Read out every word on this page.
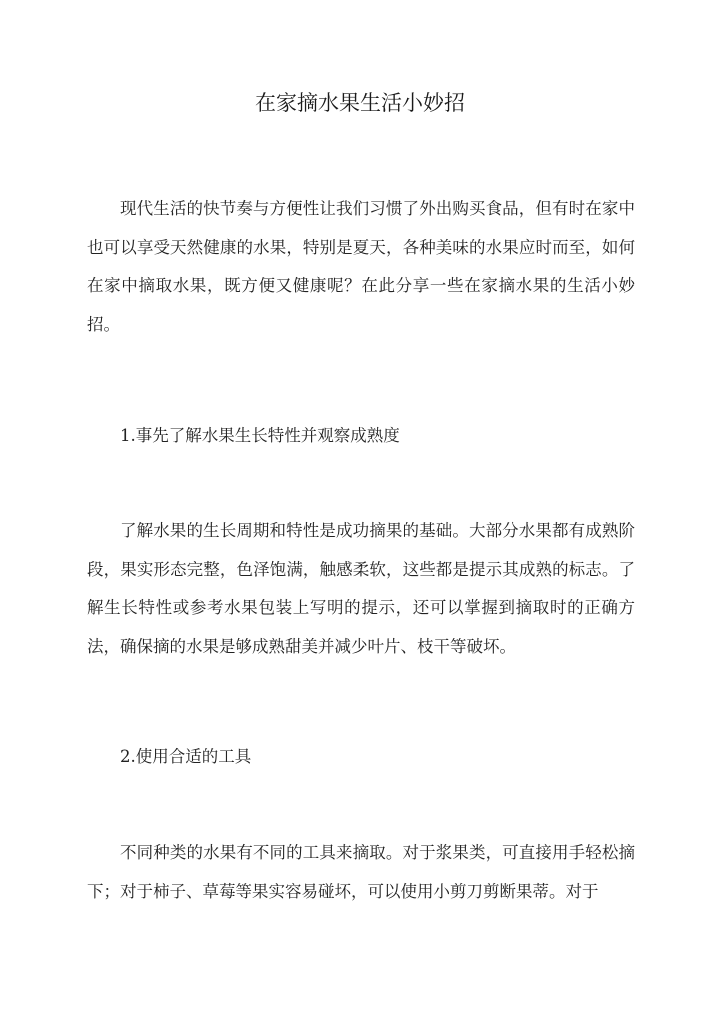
在家摘水果生活小妙招

现代生活的快节奏与方便性让我们习惯了外出购买食品，但有时在家中也可以享受天然健康的水果，特别是夏天，各种美味的水果应时而至，如何在家中摘取水果，既方便又健康呢？在此分享一些在家摘水果的生活小妙招。

1.事先了解水果生长特性并观察成熟度

了解水果的生长周期和特性是成功摘果的基础。大部分水果都有成熟阶段，果实形态完整，色泽饱满，触感柔软，这些都是提示其成熟的标志。了解生长特性或参考水果包装上写明的提示，还可以掌握到摘取时的正确方法，确保摘的水果是够成熟甜美并减少叶片、枝干等破坏。

2.使用合适的工具

不同种类的水果有不同的工具来摘取。对于浆果类，可直接用手轻松摘下；对于柿子、草莓等果实容易碰坏，可以使用小剪刀剪断果蒂。对于
